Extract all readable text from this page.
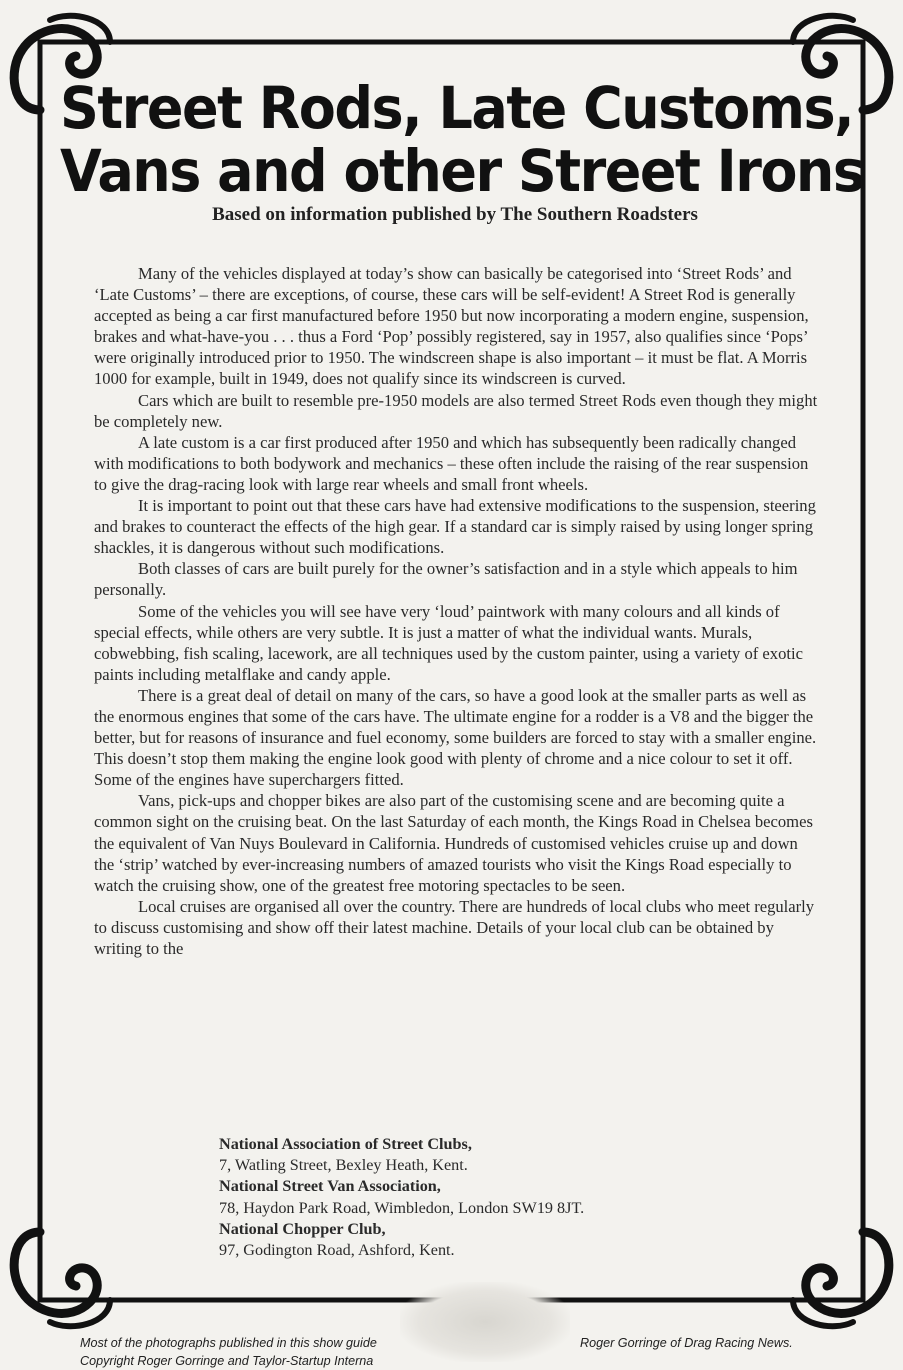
Street Rods, Late Customs,
Vans and other Street Irons
Based on information published by The Southern Roadsters

Many of the vehicles displayed at today’s show can basically be categorised into ‘Street Rods’ and ‘Late Customs’ – there are exceptions, of course, these cars will be self-evident! A Street Rod is generally accepted as being a car first manufactured before 1950 but now incorporating a modern engine, suspension, brakes and what-have-you . . . thus a Ford ‘Pop’ possibly registered, say in 1957, also qualifies since ‘Pops’ were originally introduced prior to 1950. The windscreen shape is also important – it must be flat. A Morris 1000 for example, built in 1949, does not qualify since its windscreen is curved.

Cars which are built to resemble pre-1950 models are also termed Street Rods even though they might be completely new.

A late custom is a car first produced after 1950 and which has subsequently been radically changed with modifications to both bodywork and mechanics – these often include the raising of the rear suspension to give the drag-racing look with large rear wheels and small front wheels.

It is important to point out that these cars have had extensive modifications to the suspension, steering and brakes to counteract the effects of the high gear. If a standard car is simply raised by using longer spring shackles, it is dangerous without such modifications.

Both classes of cars are built purely for the owner’s satisfaction and in a style which appeals to him personally.

Some of the vehicles you will see have very ‘loud’ paintwork with many colours and all kinds of special effects, while others are very subtle. It is just a matter of what the individual wants. Murals, cobwebbing, fish scaling, lacework, are all techniques used by the custom painter, using a variety of exotic paints including metalflake and candy apple.

There is a great deal of detail on many of the cars, so have a good look at the smaller parts as well as the enormous engines that some of the cars have. The ultimate engine for a rodder is a V8 and the bigger the better, but for reasons of insurance and fuel economy, some builders are forced to stay with a smaller engine. This doesn’t stop them making the engine look good with plenty of chrome and a nice colour to set it off. Some of the engines have superchargers fitted.

Vans, pick-ups and chopper bikes are also part of the customising scene and are becoming quite a common sight on the cruising beat. On the last Saturday of each month, the Kings Road in Chelsea becomes the equivalent of Van Nuys Boulevard in California. Hundreds of customised vehicles cruise up and down the ‘strip’ watched by ever-increasing numbers of amazed tourists who visit the Kings Road especially to watch the cruising show, one of the greatest free motoring spectacles to be seen.

Local cruises are organised all over the country. There are hundreds of local clubs who meet regularly to discuss customising and show off their latest machine. Details of your local club can be obtained by writing to the

National Association of Street Clubs,
7, Watling Street, Bexley Heath, Kent.
National Street Van Association,
78, Haydon Park Road, Wimbledon, London SW19 8JT.
National Chopper Club,
97, Godington Road, Ashford, Kent.
Most of the photographs published in this show guide	Roger Gorringe of Drag Racing News.
Copyright Roger Gorringe and Taylor-Startup Interna
